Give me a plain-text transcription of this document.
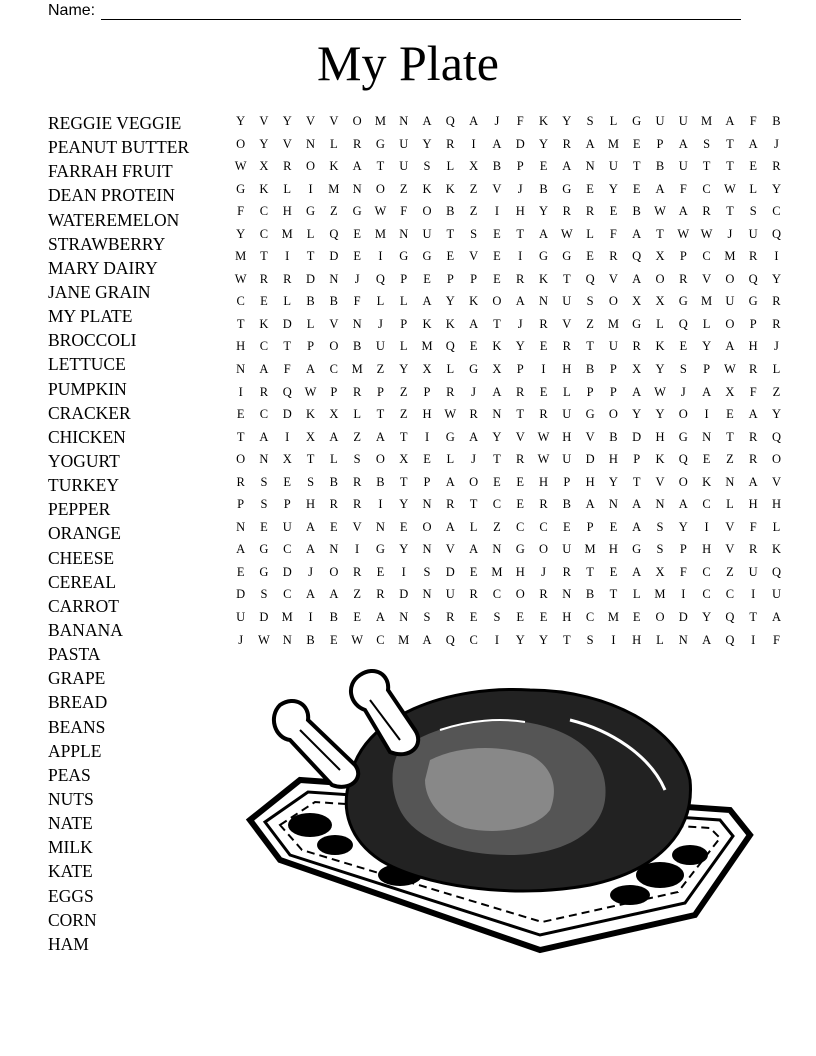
Name:
My Plate
REGGIE VEGGIE
PEANUT BUTTER
FARRAH FRUIT
DEAN PROTEIN
WATEREMELON
STRAWBERRY
MARY DAIRY
JANE GRAIN
MY PLATE
BROCCOLI
LETTUCE
PUMPKIN
CRACKER
CHICKEN
YOGURT
TURKEY
PEPPER
ORANGE
CHEESE
CEREAL
CARROT
BANANA
PASTA
GRAPE
BREAD
BEANS
APPLE
PEAS
NUTS
NATE
MILK
KATE
EGGS
CORN
HAM
Y	V	Y	V	V	O	M	N	A	Q	A	J	F	K	Y	S	L	G	U	U	M	A	F	B
O	Y	V	N	L	R	G	U	Y	R	I	A	D	Y	R	A	M	E	P	A	S	T	A	J
W	X	R	O	K	A	T	U	S	L	X	B	P	E	A	N	U	T	B	U	T	T	E	R
G	K	L	I	M	N	O	Z	K	K	Z	V	J	B	G	E	Y	E	A	F	C	W	L	Y
F	C	H	G	Z	G	W	F	O	B	Z	I	H	Y	R	R	E	B	W	A	R	T	S	C
Y	C	M	L	Q	E	M	N	U	T	S	E	T	A	W	L	F	A	T	W W	J	U	Q
M	T	I	T	D	E	I	G	G	E	V	E	I	G	G	E	R	Q	X	P	C	M	R	I
W	R	R	D	N	J	Q	P	E	P	P	E	R	K	T	Q	V	A	O	R	V	O	Q	Y
C	E	L	B	B	F	L	L	A	Y	K	O	A	N	U	S	O	X	X	G	M	U	G	R
T	K	D	L	V	N	J	P	K	K	A	T	J	R	V	Z	M	G	L	Q	L	O	P	R
H	C	T	P	O	B	U	L	M	Q	E	K	Y	E	R	T	U	R	K	E	Y	A	H	J
N	A	F	A	C	M	Z	Y	X	L	G	X	P	I	H	B	P	X	Y	S	P	W	R	L
I	R	Q	W	P	R	P	Z	P	R	J	A	R	E	L	P	P	A	W	J	A	X	F	Z
E	C	D	K	X	L	T	Z	H	W	R	N	T	R	U	G	O	Y	Y	O	I	E	A	Y
T	A	I	X	A	Z	A	T	I	G	A	Y	V	W	H	V	B	D	H	G	N	T	R	Q
O	N	X	T	L	S	O	X	E	L	J	T	R	W	U	D	H	P	K	Q	E	Z	R	O
R	S	E	S	B	R	B	T	P	A	O	E	E	H	P	H	Y	T	V	O	K	N	A	V
P	S	P	H	R	R	I	Y	N	R	T	C	E	R	B	A	N	A	N	A	C	L	H	H
N	E	U	A	E	V	N	E	O	A	L	Z	C	C	E	P	E	A	S	Y	I	V	F	L
A	G	C	A	N	I	G	Y	N	V	A	N	G	O	U	M	H	G	S	P	H	V	R	K
E	G	D	J	O	R	E	I	S	D	E	M	H	J	R	T	E	A	X	F	C	Z	U	Q
D	S	C	A	A	Z	R	D	N	U	R	C	O	R	N	B	T	L	M	I	C	C	I	U
U	D	M	I	B	E	A	N	S	R	E	S	E	E	H	C	M	E	O	D	Y	Q	T	A
J	W	N	B	E	W	C	M	A	Q	C	I	Y	Y	T	S	I	H	L	N	A	Q	I	F
